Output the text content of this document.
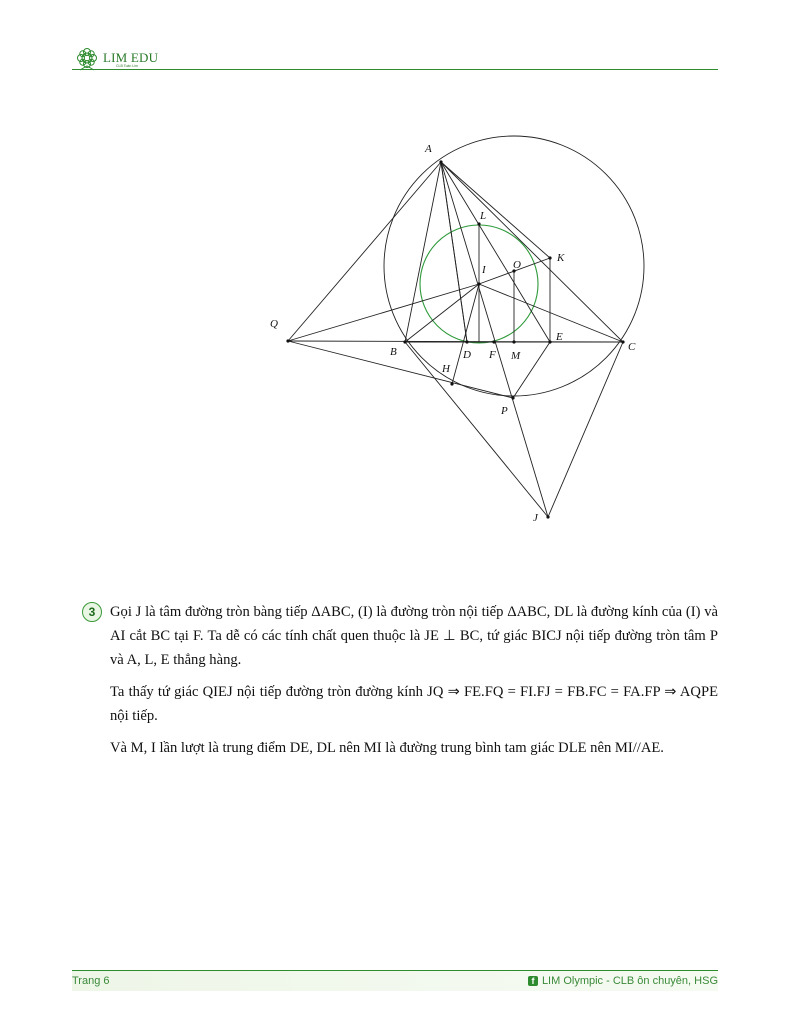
LIM EDU
CLB Toán Lim
A
L
K
O
I
Q
E
C
B	D F M
H
P
J

3	Gọi J là tâm đường tròn bàng tiếp ΔABC, (I) là đường tròn nội tiếp ΔABC, DL là đường kính của (I) và AI cắt BC tại F. Ta dễ có các tính chất quen thuộc là JE ⊥ BC, tứ giác BICJ nội tiếp đường tròn tâm P và A, L, E thẳng hàng.

Ta thấy tứ giác QIEJ nội tiếp đường tròn đường kính JQ ⇒ FE.FQ = FI.FJ = FB.FC = FA.FP ⇒ AQPE nội tiếp.

Và M, I lần lượt là trung điểm DE, DL nên MI là đường trung bình tam giác DLE nên MI//AE.

Trang 6	f LIM Olympic - CLB ôn chuyên, HSG
